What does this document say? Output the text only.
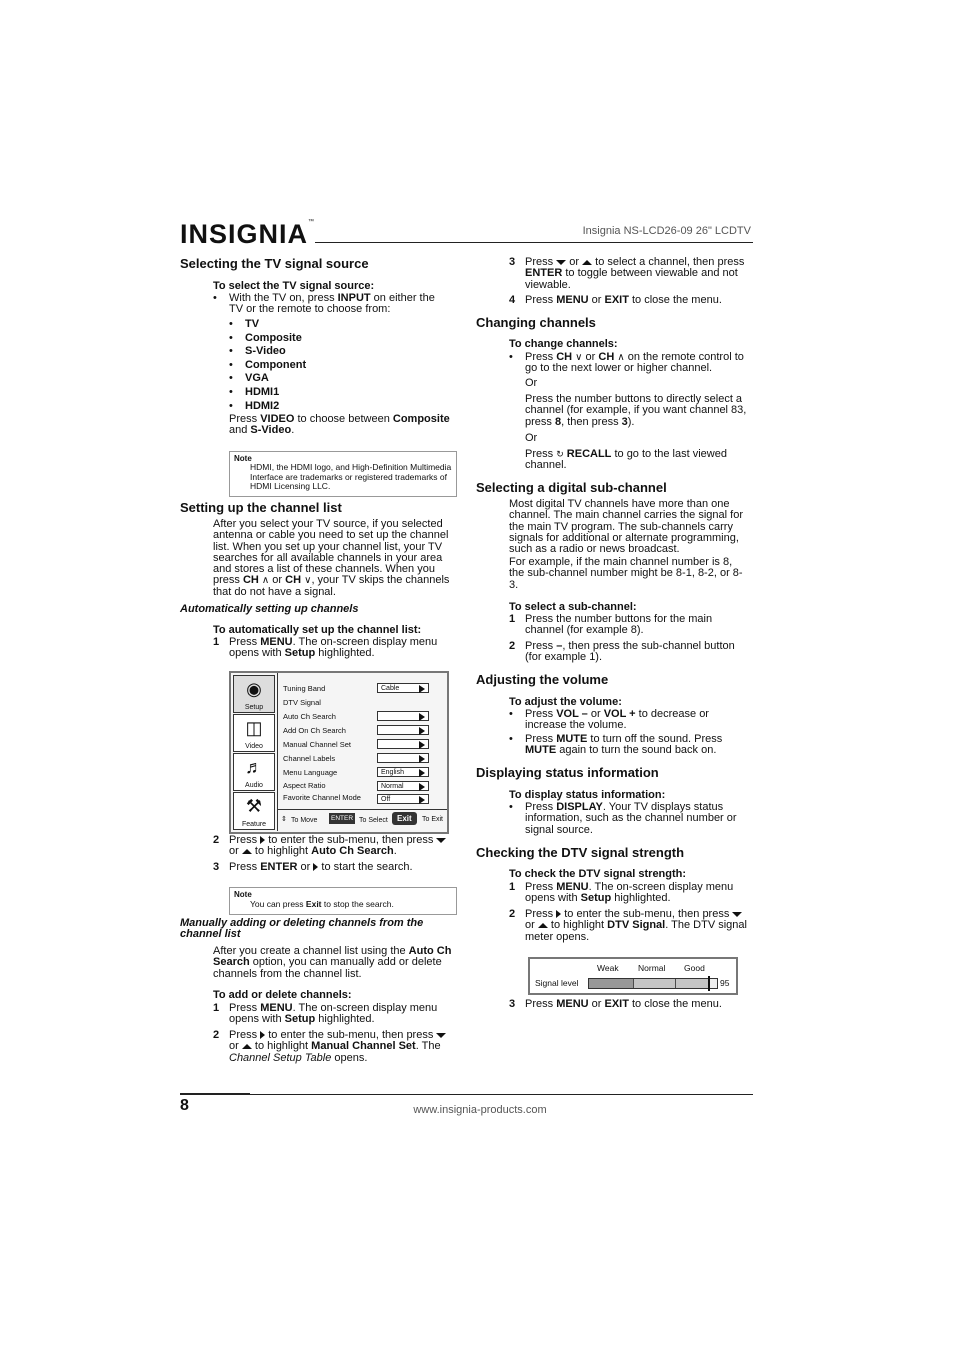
INSIGNIA™
Insignia NS-LCD26-09 26" LCDTV
Selecting the TV signal source
To select the TV signal source:
• With the TV on, press INPUT on either the TV or the remote to choose from:
• TV
• Composite
• S-Video
• Component
• VGA
• HDMI1
• HDMI2
Press VIDEO to choose between Composite and S-Video.
Note
HDMI, the HDMI logo, and High-Definition Multimedia Interface are trademarks or registered trademarks of HDMI Licensing LLC.
Setting up the channel list
After you select your TV source, if you selected antenna or cable you need to set up the channel list. When you set up your channel list, your TV searches for all available channels in your area and stores a list of these channels. When you press CH ∧ or CH ∨, your TV skips the channels that do not have a signal.
Automatically setting up channels
To automatically set up the channel list:
1 Press MENU. The on-screen display menu opens with Setup highlighted.
◉
Setup
◫
Video
♬
Audio
⚒
Feature
Tuning Band
DTV Signal
Auto Ch Search
Add On Ch Search
Manual Channel Set
Channel Labels
Menu Language
Aspect Ratio
Favorite Channel Mode
Cable
English
Normal
Off
⇕ To Move	ENTER To Select	Exit	To Exit
2 Press  to enter the sub-menu, then press  or  to highlight Auto Ch Search.
3 Press ENTER or  to start the search.
Note
You can press Exit to stop the search.
Manually adding or deleting channels from the channel list
After you create a channel list using the Auto Ch Search option, you can manually add or delete channels from the channel list.
To add or delete channels:
1 Press MENU. The on-screen display menu opens with Setup highlighted.
2 Press  to enter the sub-menu, then press  or  to highlight Manual Channel Set. The Channel Setup Table opens.
3 Press  or  to select a channel, then press ENTER to toggle between viewable and not viewable.
4 Press MENU or EXIT to close the menu.
Changing channels
To change channels:
• Press CH ∨ or CH ∧ on the remote control to go to the next lower or higher channel.
Or
Press the number buttons to directly select a channel (for example, if you want channel 83, press 8, then press 3).
Or
Press ↻ RECALL to go to the last viewed channel.
Selecting a digital sub-channel
Most digital TV channels have more than one channel. The main channel carries the signal for the main TV program. The sub-channels carry signals for additional or alternate programming, such as a radio or news broadcast.
For example, if the main channel number is 8, the sub-channel number might be 8-1, 8-2, or 8-3.
To select a sub-channel:
1 Press the number buttons for the main channel (for example 8).
2 Press –, then press the sub-channel button (for example 1).
Adjusting the volume
To adjust the volume:
• Press VOL – or VOL + to decrease or increase the volume.
• Press MUTE to turn off the sound. Press MUTE again to turn the sound back on.
Displaying status information
To display status information:
• Press DISPLAY. Your TV displays status information, such as the channel number or signal source.
Checking the DTV signal strength
To check the DTV signal strength:
1 Press MENU. The on-screen display menu opens with Setup highlighted.
2 Press  to enter the sub-menu, then press  or  to highlight DTV Signal. The DTV signal meter opens.
Weak Normal Good
Signal level	95
3 Press MENU or EXIT to close the menu.
8	www.insignia-products.com
